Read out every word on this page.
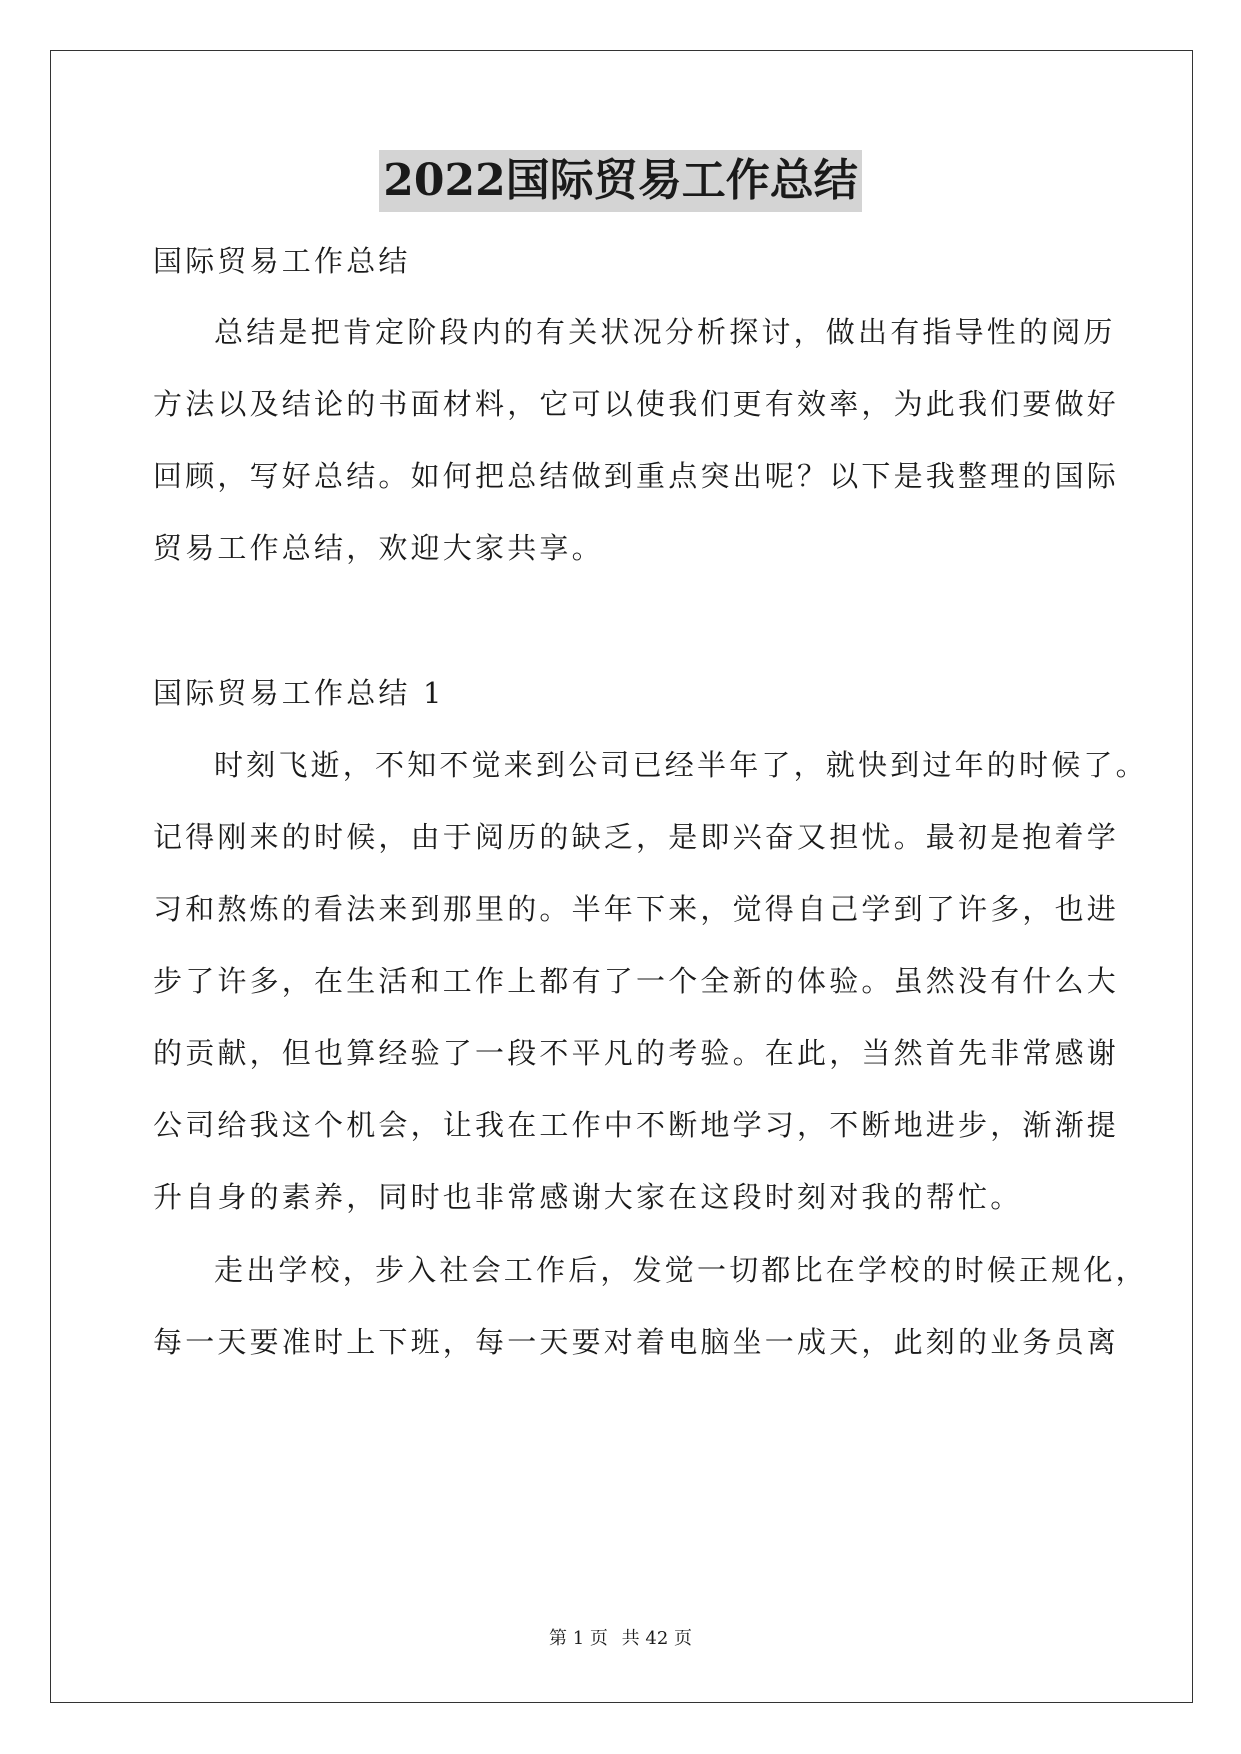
2022国际贸易工作总结

国际贸易工作总结

总结是把肯定阶段内的有关状况分析探讨，做出有指导性的阅历

方法以及结论的书面材料，它可以使我们更有效率，为此我们要做好

回顾，写好总结。如何把总结做到重点突出呢？以下是我整理的国际

贸易工作总结，欢迎大家共享。

国际贸易工作总结 1

时刻飞逝，不知不觉来到公司已经半年了，就快到过年的时候了。

记得刚来的时候，由于阅历的缺乏，是即兴奋又担忧。最初是抱着学

习和熬炼的看法来到那里的。半年下来，觉得自己学到了许多，也进

步了许多，在生活和工作上都有了一个全新的体验。虽然没有什么大

的贡献，但也算经验了一段不平凡的考验。在此，当然首先非常感谢

公司给我这个机会，让我在工作中不断地学习，不断地进步，渐渐提

升自身的素养，同时也非常感谢大家在这段时刻对我的帮忙。

走出学校，步入社会工作后，发觉一切都比在学校的时候正规化，

每一天要准时上下班，每一天要对着电脑坐一成天，此刻的业务员离

第 1 页 共 42 页
